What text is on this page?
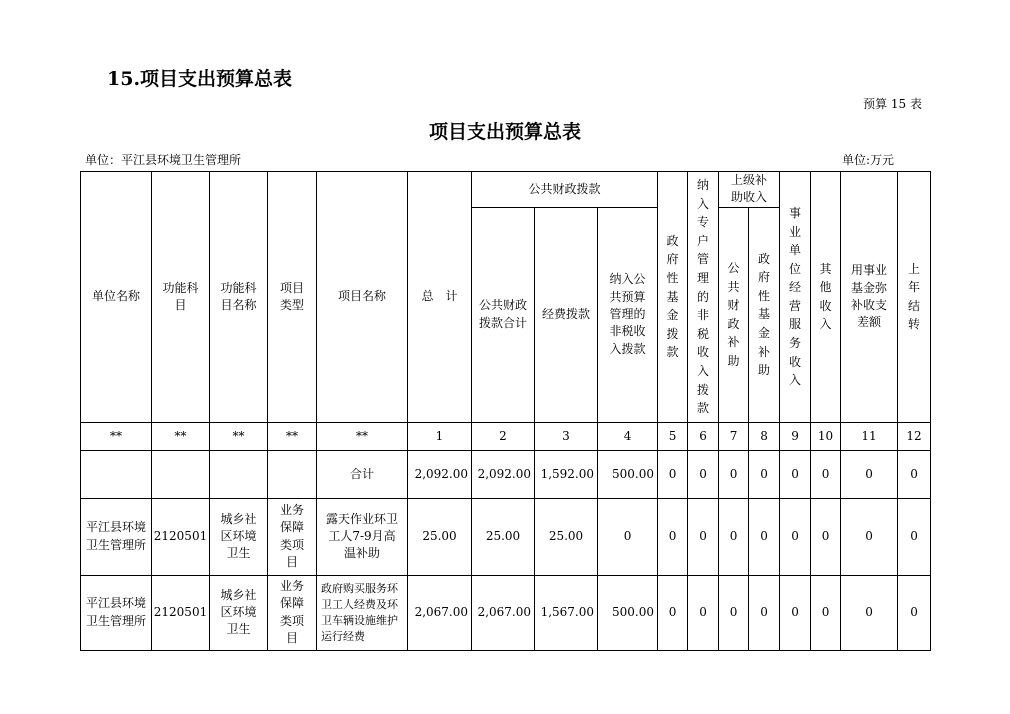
15.项目支出预算总表
预算 15 表
项目支出预算总表
单位：平江县环境卫生管理所	单位:万元
单位名称	功能科目	功能科目名称	项目类型	项目名称	总　计	公共财政拨款			政府性基金拨款	纳入专户管理的非税收入拨款	上级补助收入		事业单位经营服务收入	其他收入	用事业基金弥补收支差额	上年结转

						公共财政拨款合计	经费拨款	纳入公共预算管理的非税收入拨款			公共财政补助	政府性基金补助				

**	**	**	**	**	1	2	3	4	5	6	7	8	9	10	11	12
				合计	2,092.00	2,092.00	1,592.00	500.00	0	0	0	0	0	0	0	0
平江县环境卫生管理所	2120501	城乡社区环境卫生	业务保障类项目	露天作业环卫工人7-9月高温补助	25.00	25.00	25.00	0	0	0	0	0	0	0	0	0
平江县环境卫生管理所	2120501	城乡社区环境卫生	业务保障类项目	政府购买服务环卫工人经费及环卫车辆设施维护运行经费	2,067.00	2,067.00	1,567.00	500.00	0	0	0	0	0	0	0	0
